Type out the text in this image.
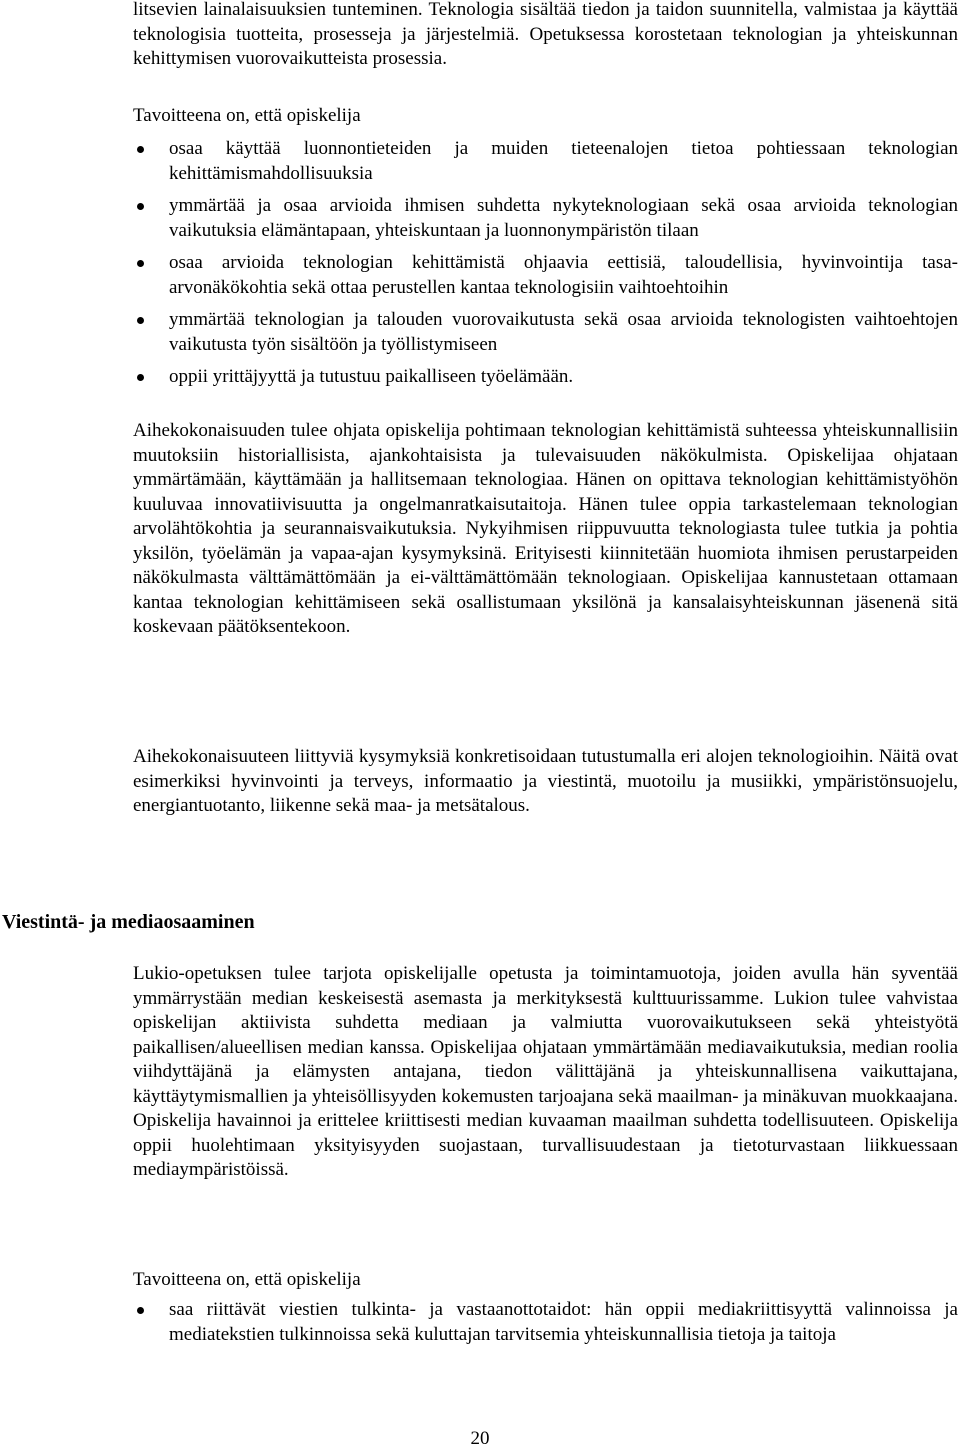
litsevien lainalaisuuksien tunteminen. Teknologia sisältää tiedon ja taidon suunnitella, valmistaa ja käyttää teknologisia tuotteita, prosesseja ja järjestelmiä. Opetuksessa korostetaan teknologian ja yhteiskunnan kehittymisen vuorovaikutteista prosessia.

Tavoitteena on, että opiskelija

osaa käyttää luonnontieteiden ja muiden tieteenalojen tietoa pohtiessaan teknologian kehittämismahdollisuuksia
ymmärtää ja osaa arvioida ihmisen suhdetta nykyteknologiaan sekä osaa arvioida teknologian vaikutuksia elämäntapaan, yhteiskuntaan ja luonnonympäristön tilaan
osaa arvioida teknologian kehittämistä ohjaavia eettisiä, taloudellisia, hyvinvointija tasa-arvonäkökohtia sekä ottaa perustellen kantaa teknologisiin vaihtoehtoihin
ymmärtää teknologian ja talouden vuorovaikutusta sekä osaa arvioida teknologisten vaihtoehtojen vaikutusta työn sisältöön ja työllistymiseen
oppii yrittäjyyttä ja tutustuu paikalliseen työelämään.

Aihekokonaisuuden tulee ohjata opiskelija pohtimaan teknologian kehittämistä suhteessa yhteiskunnallisiin muutoksiin historiallisista, ajankohtaisista ja tulevaisuuden näkökulmista. Opiskelijaa ohjataan ymmärtämään, käyttämään ja hallitsemaan teknologiaa. Hänen on opittava teknologian kehittämistyöhön kuuluvaa innovatiivisuutta ja ongelmanratkaisutaitoja. Hänen tulee oppia tarkastelemaan teknologian arvolähtökohtia ja seurannaisvaikutuksia. Nykyihmisen riippuvuutta teknologiasta tulee tutkia ja pohtia yksilön, työelämän ja vapaa-ajan kysymyksinä. Erityisesti kiinnitetään huomiota ihmisen perustarpeiden näkökulmasta välttämättömään ja ei-välttämättömään teknologiaan. Opiskelijaa kannustetaan ottamaan kantaa teknologian kehittämiseen sekä osallistumaan yksilönä ja kansalaisyhteiskunnan jäsenenä sitä koskevaan päätöksentekoon.

Aihekokonaisuuteen liittyviä kysymyksiä konkretisoidaan tutustumalla eri alojen teknologioihin. Näitä ovat esimerkiksi hyvinvointi ja terveys, informaatio ja viestintä, muotoilu ja musiikki, ympäristönsuojelu, energiantuotanto, liikenne sekä maa- ja metsätalous.

Viestintä- ja mediaosaaminen

Lukio-opetuksen tulee tarjota opiskelijalle opetusta ja toimintamuotoja, joiden avulla hän syventää ymmärrystään median keskeisestä asemasta ja merkityksestä kulttuurissamme. Lukion tulee vahvistaa opiskelijan aktiivista suhdetta mediaan ja valmiutta vuorovaikutukseen sekä yhteistyötä paikallisen/alueellisen median kanssa. Opiskelijaa ohjataan ymmärtämään mediavaikutuksia, median roolia viihdyttäjänä ja elämysten antajana, tiedon välittäjänä ja yhteiskunnallisena vaikuttajana, käyttäytymismallien ja yhteisöllisyyden kokemusten tarjoajana sekä maailman- ja minäkuvan muokkaajana. Opiskelija havainnoi ja erittelee kriittisesti median kuvaaman maailman suhdetta todellisuuteen. Opiskelija oppii huolehtimaan yksityisyyden suojastaan, turvallisuudestaan ja tietoturvastaan liikkuessaan mediaympäristöissä.

Tavoitteena on, että opiskelija

saa riittävät viestien tulkinta- ja vastaanottotaidot: hän oppii mediakriittisyyttä valinnoissa ja mediatekstien tulkinnoissa sekä kuluttajan tarvitsemia yhteiskunnallisia tietoja ja taitoja

20
